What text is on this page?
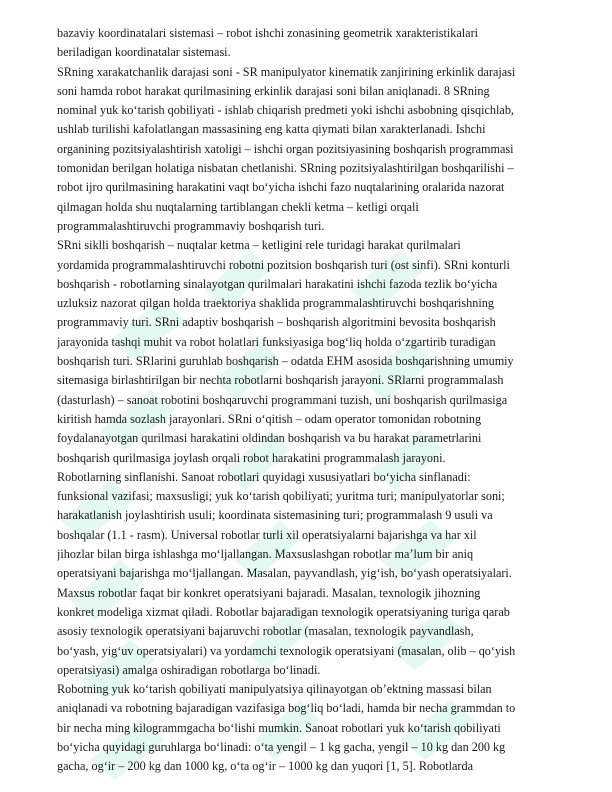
bazaviy koordinatalari sistemasi – robot ishchi zonasining geometrik xarakteristikalari
beriladigan koordinatalar sistemasi.
SRning xarakatchanlik darajasi soni - SR manipulyator kinematik zanjirining erkinlik darajasi
soni hamda robot harakat qurilmasining erkinlik darajasi soni bilan aniqlanadi. 8 SRning
nominal yuk ko‘tarish qobiliyati - ishlab chiqarish predmeti yoki ishchi asbobning qisqichlab,
ushlab turilishi kafolatlangan massasining eng katta qiymati bilan xarakterlanadi. Ishchi
organining pozitsiyalashtirish xatoligi – ishchi organ pozitsiyasining boshqarish programmasi
tomonidan berilgan holatiga nisbatan chetlanishi. SRning pozitsiyalashtirilgan boshqarilishi –
robot ijro qurilmasining harakatini vaqt bo‘yicha ishchi fazo nuqtalarining oralarida nazorat
qilmagan holda shu nuqtalarning tartiblangan chekli ketma – ketligi orqali
programmalashtiruvchi programmaviy boshqarish turi.
SRni siklli boshqarish – nuqtalar ketma – ketligini rele turidagi harakat qurilmalari
yordamida programmalashtiruvchi robotni pozitsion boshqarish turi (ost sinfi). SRni konturli
boshqarish - robotlarning sinalayotgan qurilmalari harakatini ishchi fazoda tezlik bo‘yicha
uzluksiz nazorat qilgan holda traektoriya shaklida programmalashtiruvchi boshqarishning
programmaviy turi. SRni adaptiv boshqarish – boshqarish algoritmini bevosita boshqarish
jarayonida tashqi muhit va robot holatlari funksiyasiga bog‘liq holda o‘zgartirib turadigan
boshqarish turi. SRlarini guruhlab boshqarish – odatda EHM asosida boshqarishning umumiy
sitemasiga birlashtirilgan bir nechta robotlarni boshqarish jarayoni. SRlarni programmalash
(dasturlash) – sanoat robotini boshqaruvchi programmani tuzish, uni boshqarish qurilmasiga
kiritish hamda sozlash jarayonlari. SRni o‘qitish – odam operator tomonidan robotning
foydalanayotgan qurilmasi harakatini oldindan boshqarish va bu harakat parametrlarini
boshqarish qurilmasiga joylash orqali robot harakatini programmalash jarayoni.
Robotlarning sinflanishi. Sanoat robotlari quyidagi xususiyatlari bo‘yicha sinflanadi:
funksional vazifasi; maxsusligi; yuk ko‘tarish qobiliyati; yuritma turi; manipulyatorlar soni;
harakatlanish joylashtirish usuli; koordinata sistemasining turi; programmalash 9 usuli va
boshqalar (1.1 - rasm). Universal robotlar turli xil operatsiyalarni bajarishga va har xil
jihozlar bilan birga ishlashga mo‘ljallangan. Maxsuslashgan robotlar ma’lum bir aniq
operatsiyani bajarishga mo‘ljallangan. Masalan, payvandlash, yig‘ish, bo‘yash operatsiyalari.
Maxsus robotlar faqat bir konkret operatsiyani bajaradi. Masalan, texnologik jihozning
konkret modeliga xizmat qiladi. Robotlar bajaradigan texnologik operatsiyaning turiga qarab
asosiy texnologik operatsiyani bajaruvchi robotlar (masalan, texnologik payvandlash,
bo‘yash, yig‘uv operatsiyalari) va yordamchi texnologik operatsiyani (masalan, olib – qo‘yish
operatsiyasi) amalga oshiradigan robotlarga bo‘linadi.
Robotning yuk ko‘tarish qobiliyati manipulyatsiya qilinayotgan ob’ektning massasi bilan
aniqlanadi va robotning bajaradigan vazifasiga bog‘liq bo‘ladi, hamda bir necha grammdan to
bir necha ming kilogrammgacha bo‘lishi mumkin. Sanoat robotlari yuk ko‘tarish qobiliyati
bo‘yicha quyidagi guruhlarga bo‘linadi: o‘ta yengil – 1 kg gacha, yengil – 10 kg dan 200 kg
gacha, og‘ir – 200 kg dan 1000 kg, o‘ta og‘ir – 1000 kg dan yuqori [1, 5]. Robotlarda
